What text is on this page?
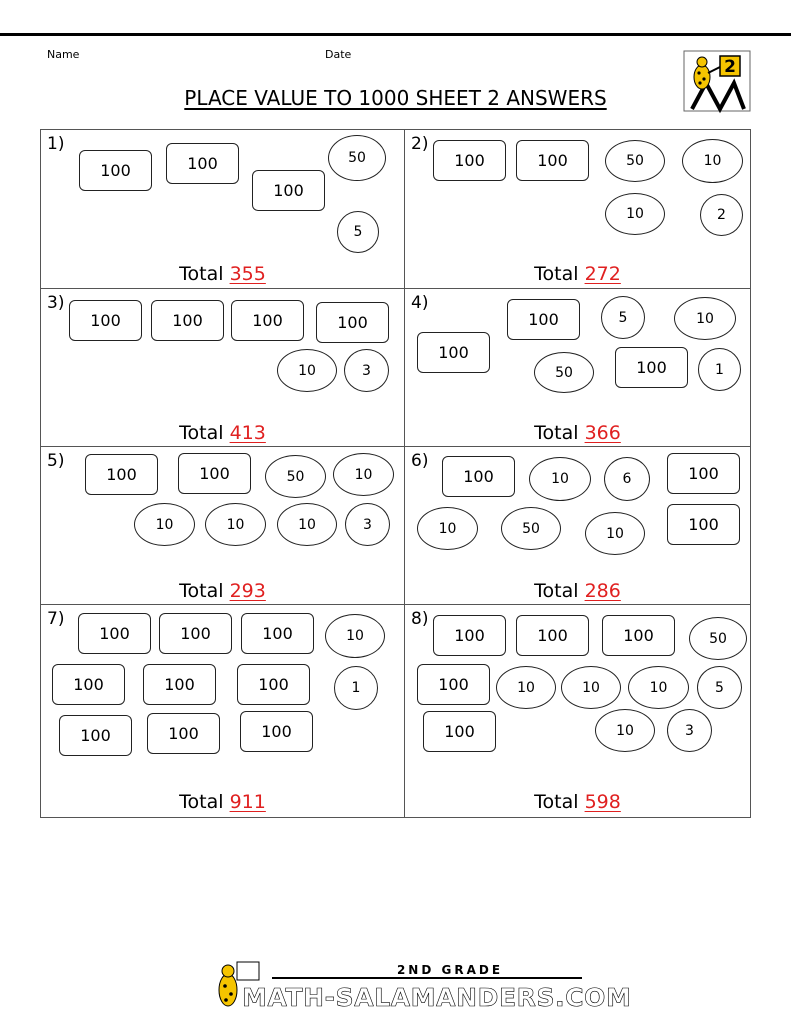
Name	Date
2
PLACE VALUE TO 1000 SHEET 2 ANSWERS
1)
100	100
100
50
5
Total 355
2)
100	100	50	10
10	2
Total 272
3)
100	100	100	100
10	3
Total 413
4)
100
100
100
5	10
50	1
Total 366
5)
100	100	50	10
10	10	10	3
Total 293
6)
100	100
100
10	6
10	50	10
Total 286
7)
100	100	100
100	100	100
100	100	100
10
1
Total 911
8)
100	100	100
100
100
50
10	10	10	5
10	3
Total 598
2ND GRADE
MATH-SALAMANDERS.COM
